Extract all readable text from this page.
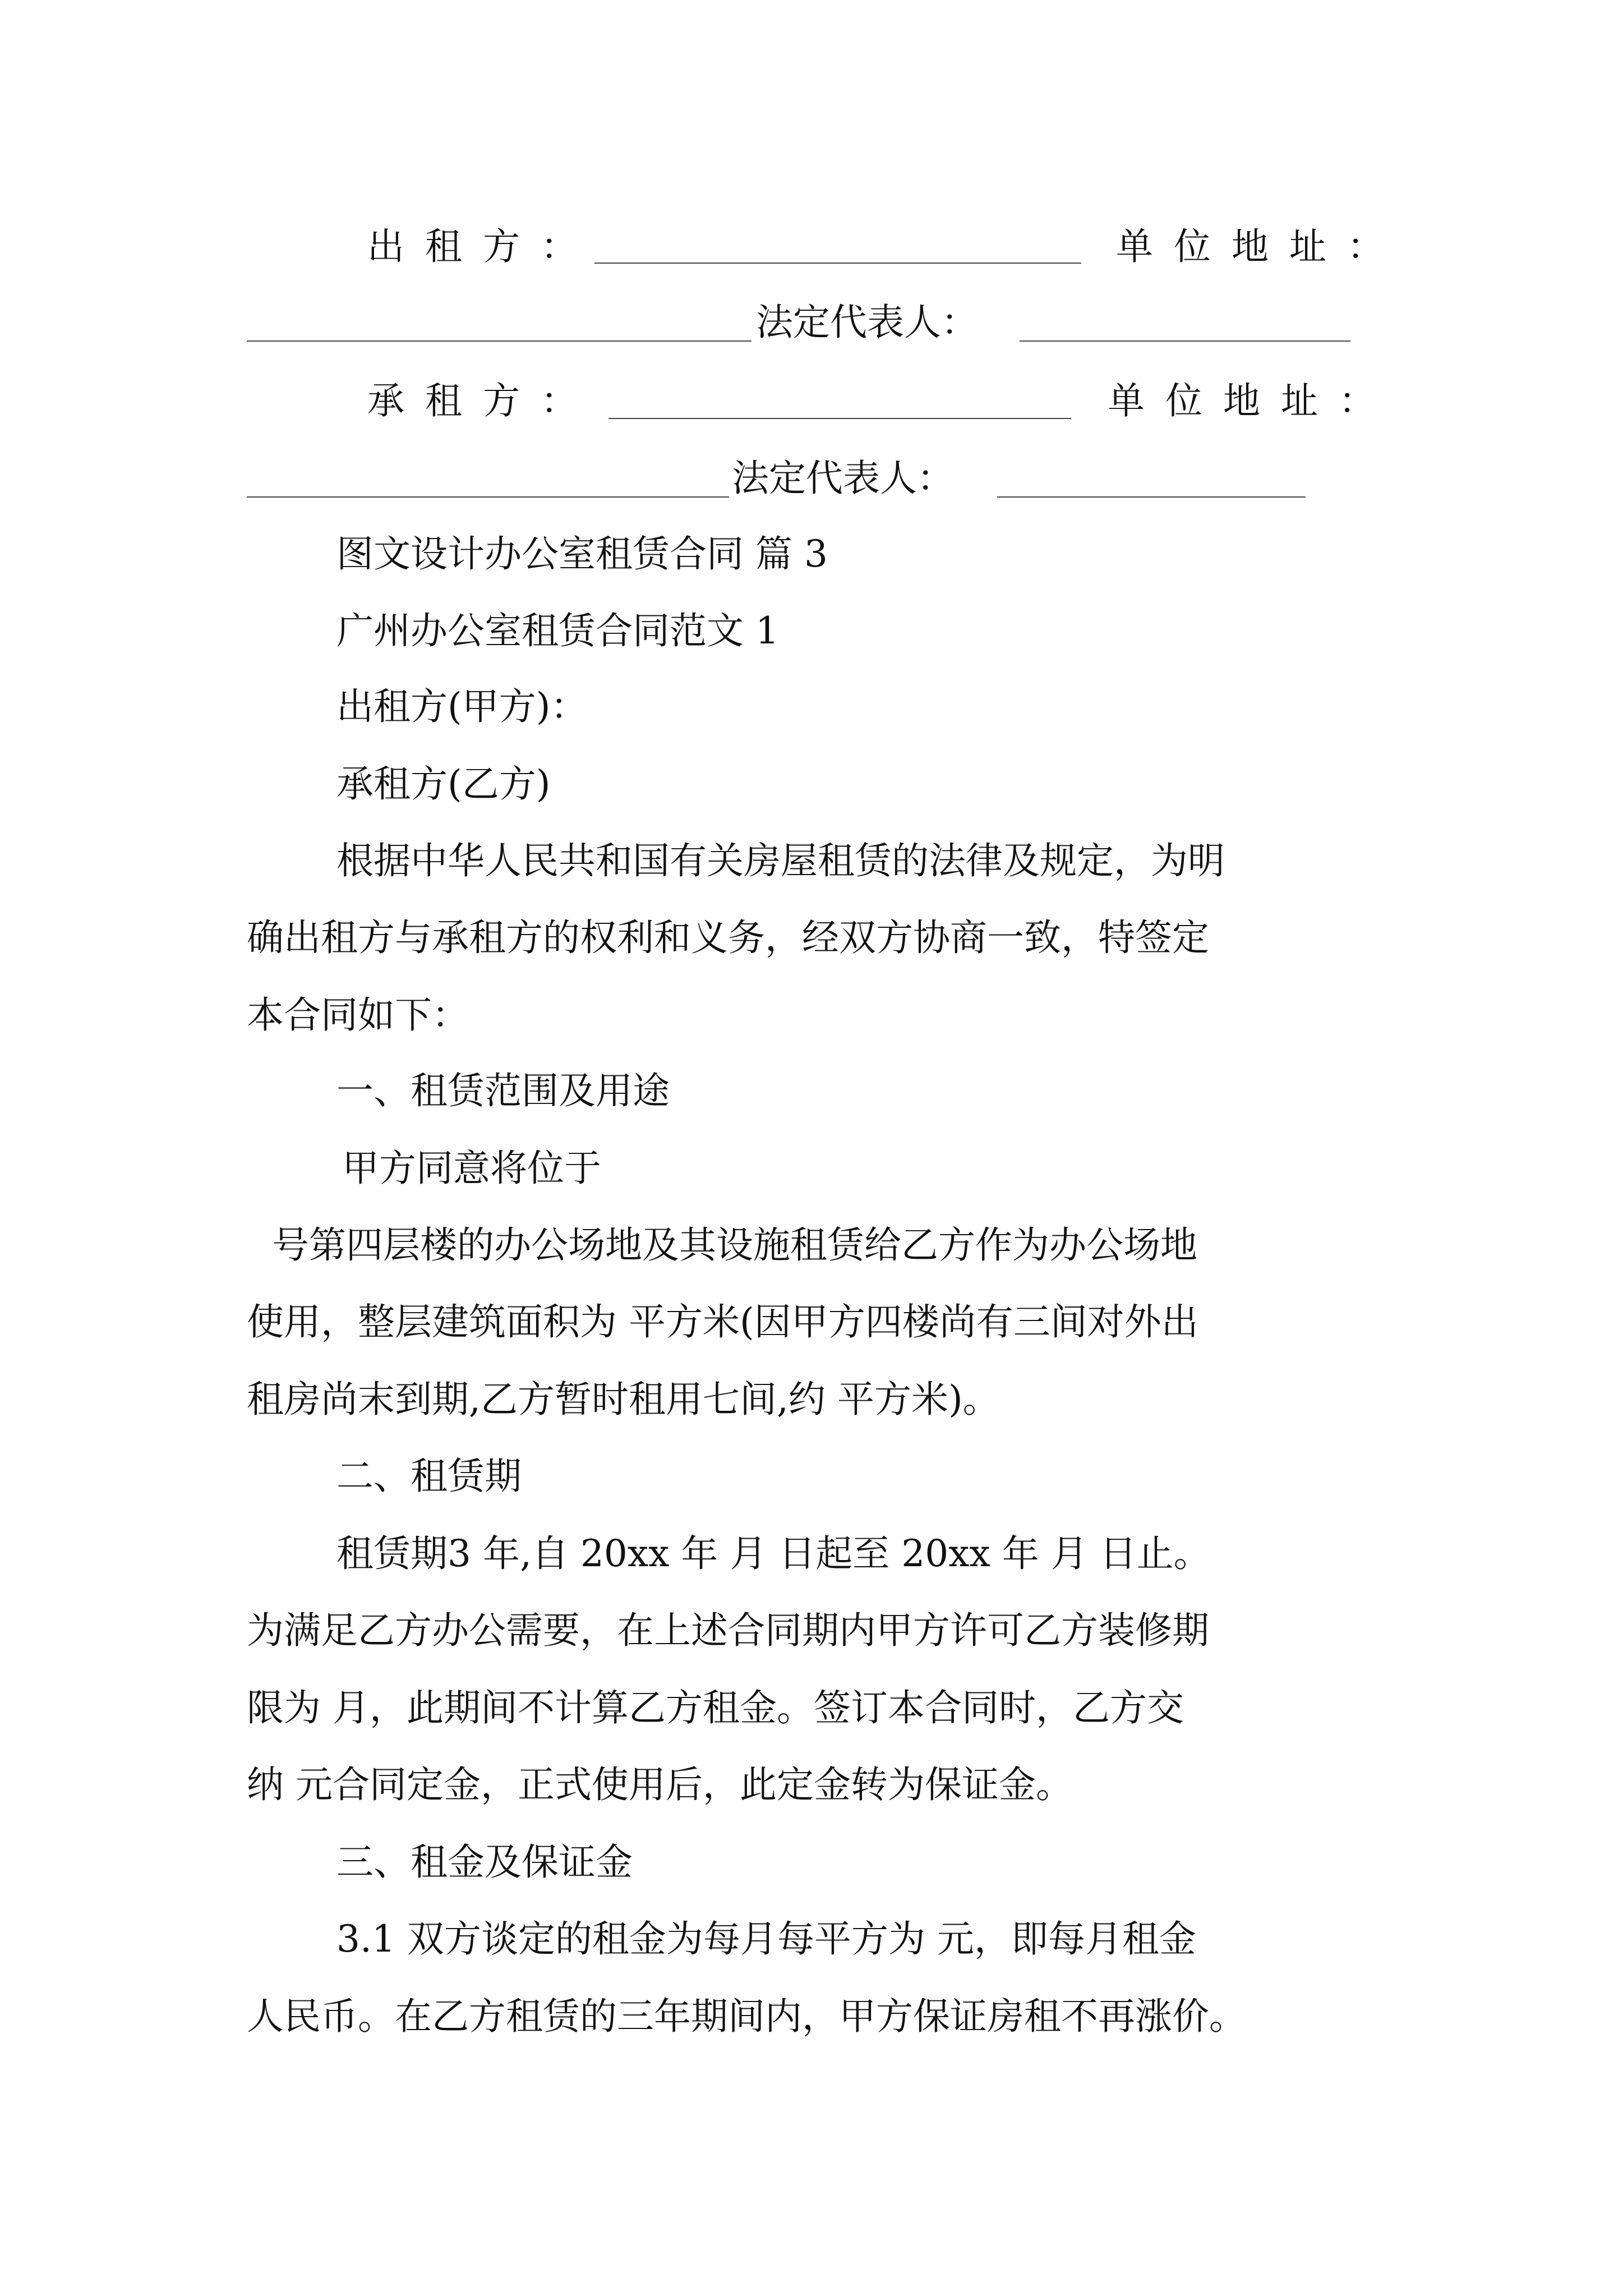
出 租 方 ：	单 位 地 址 ：
法定代表人：
承 租 方 ：	单 位 地 址 ：
法定代表人：

图文设计办公室租赁合同 篇 3

广州办公室租赁合同范文 1

出租方(甲方)：

承租方(乙方)

根据中华人民共和国有关房屋租赁的法律及规定，为明

确出租方与承租方的权利和义务，经双方协商一致，特签定

本合同如下：

一、租赁范围及用途

甲方同意将位于

号第四层楼的办公场地及其设施租赁给乙方作为办公场地

使用，整层建筑面积为 平方米(因甲方四楼尚有三间对外出

租房尚末到期,乙方暂时租用七间,约 平方米)。

二、租赁期

租赁期3 年,自 20xx 年 月 日起至 20xx 年 月 日止。

为满足乙方办公需要，在上述合同期内甲方许可乙方装修期

限为 月，此期间不计算乙方租金。签订本合同时，乙方交

纳 元合同定金，正式使用后，此定金转为保证金。

三、租金及保证金

3.1 双方谈定的租金为每月每平方为 元，即每月租金

人民币。在乙方租赁的三年期间内，甲方保证房租不再涨价。
